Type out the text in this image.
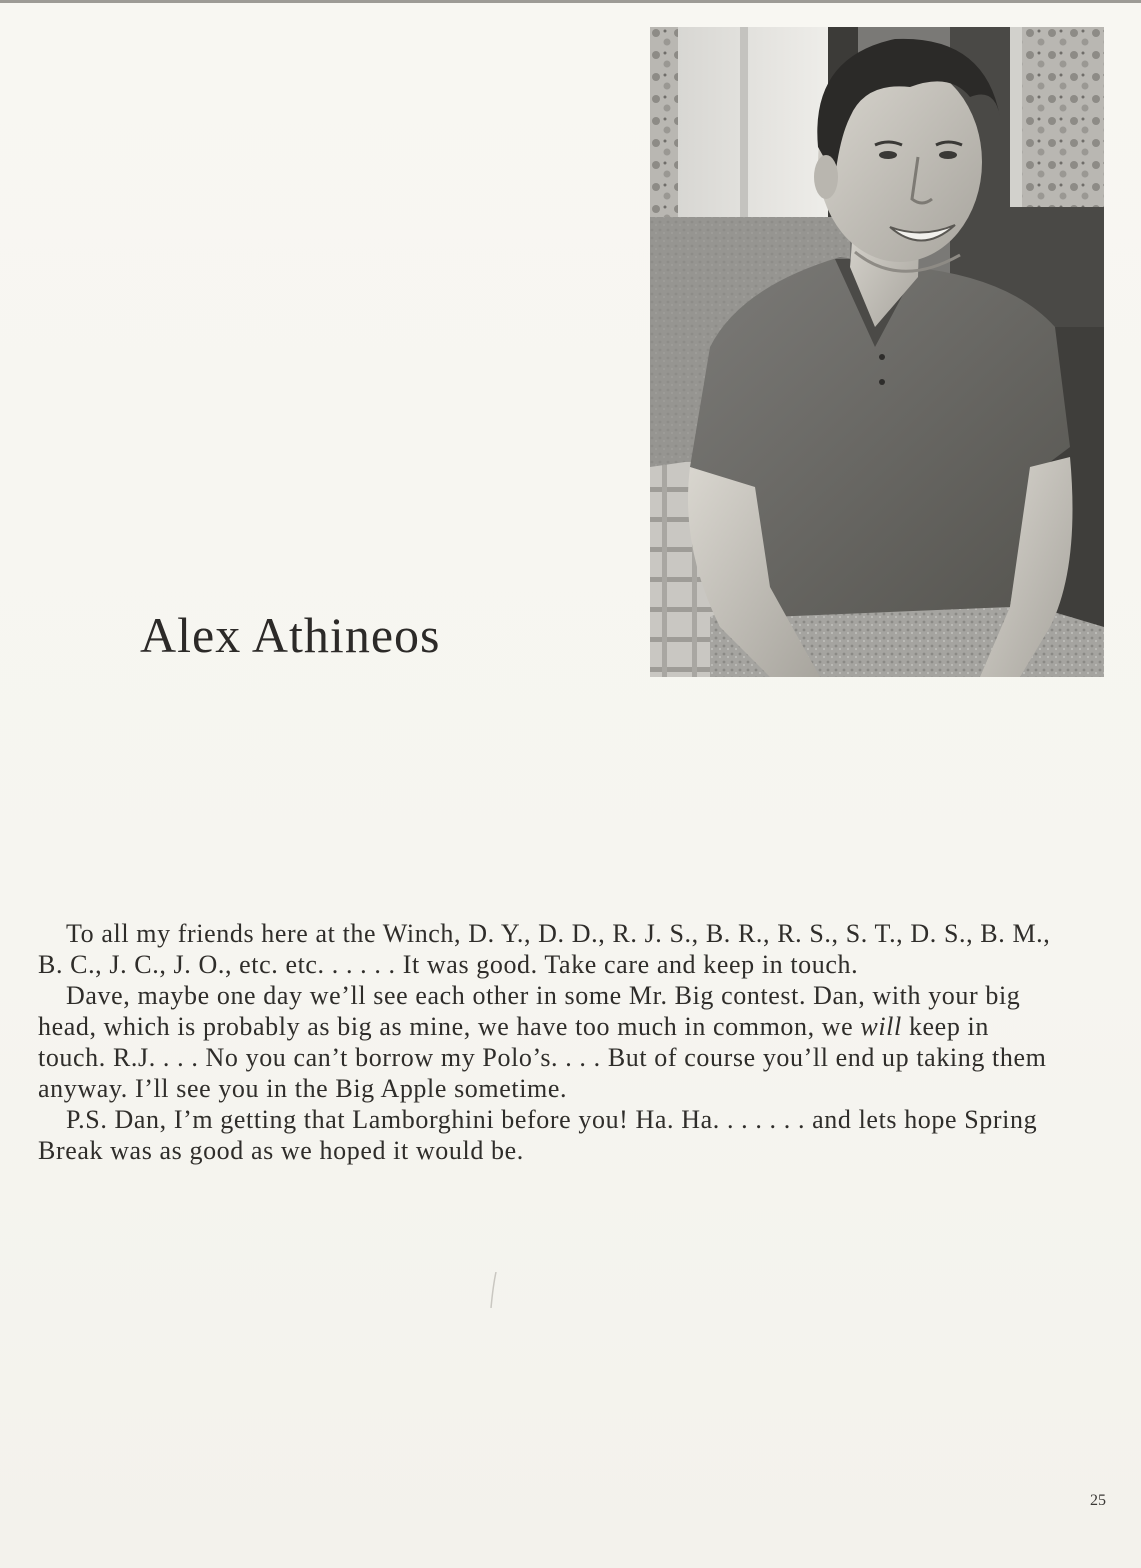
Alex Athineos

To all my friends here at the Winch, D. Y., D. D., R. J. S., B. R., R. S., S. T., D. S., B. M., B. C., J. C., J. O., etc. etc. . . . . . It was good. Take care and keep in touch.

Dave, maybe one day we’ll see each other in some Mr. Big contest. Dan, with your big head, which is probably as big as mine, we have too much in common, we will keep in touch. R.J. . . . No you can’t borrow my Polo’s. . . . But of course you’ll end up taking them anyway. I’ll see you in the Big Apple sometime.

P.S. Dan, I’m getting that Lamborghini before you! Ha. Ha. . . . . . . and lets hope Spring Break was as good as we hoped it would be.

25
